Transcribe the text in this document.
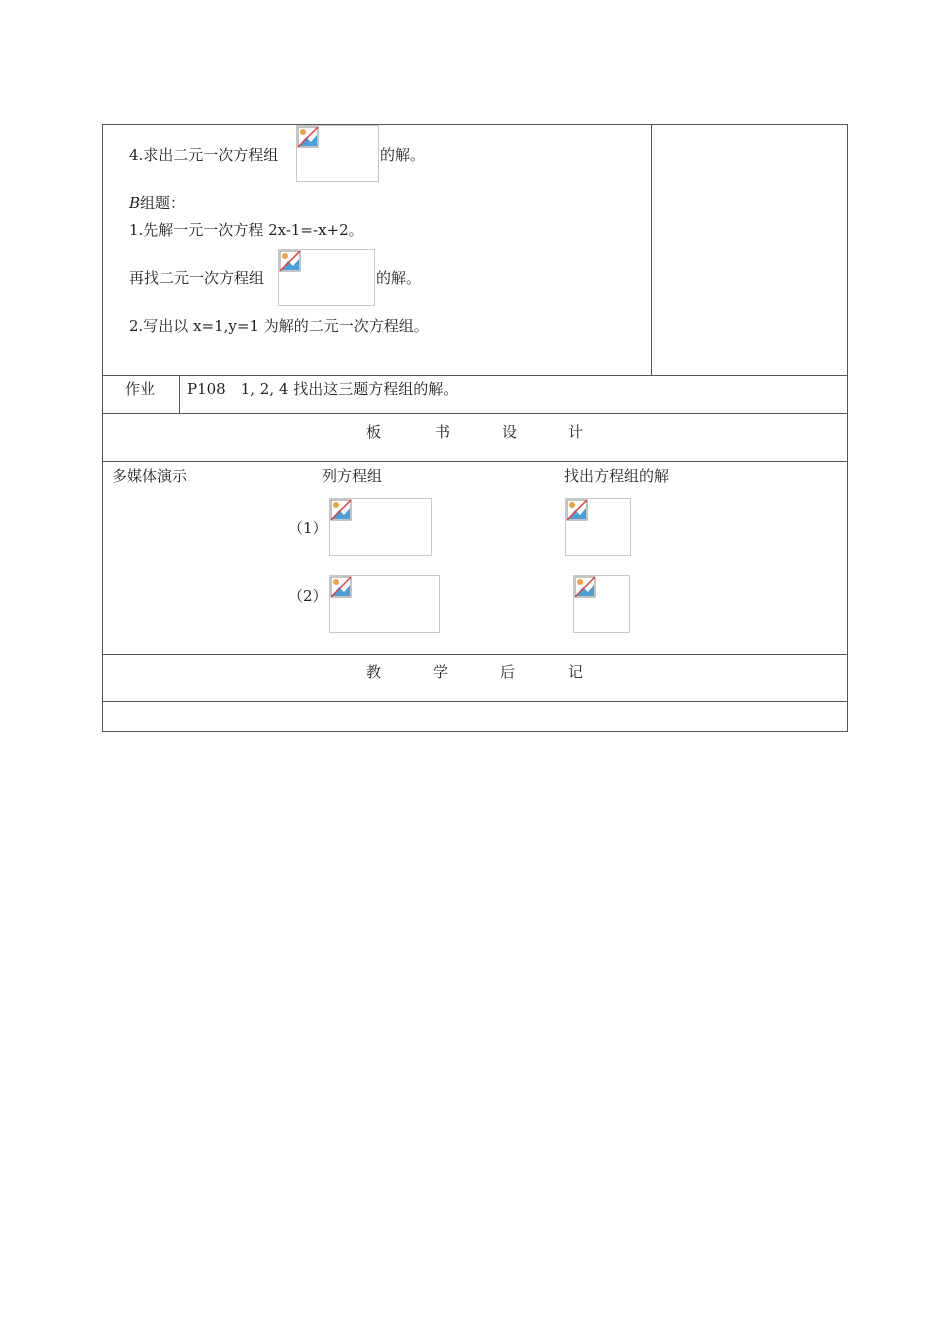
4.求出二元一次方程组	的解。
B组题：
1.先解一元一次方程 2x-1=-x+2。
再找二元一次方程组	的解。
2.写出以 x=1,y=1 为解的二元一次方程组。
作业 P108　1, 2, 4 找出这三题方程组的解。
板	书	设	计
多媒体演示	列方程组	找出方程组的解
（1）
（2）
教	学	后	记
